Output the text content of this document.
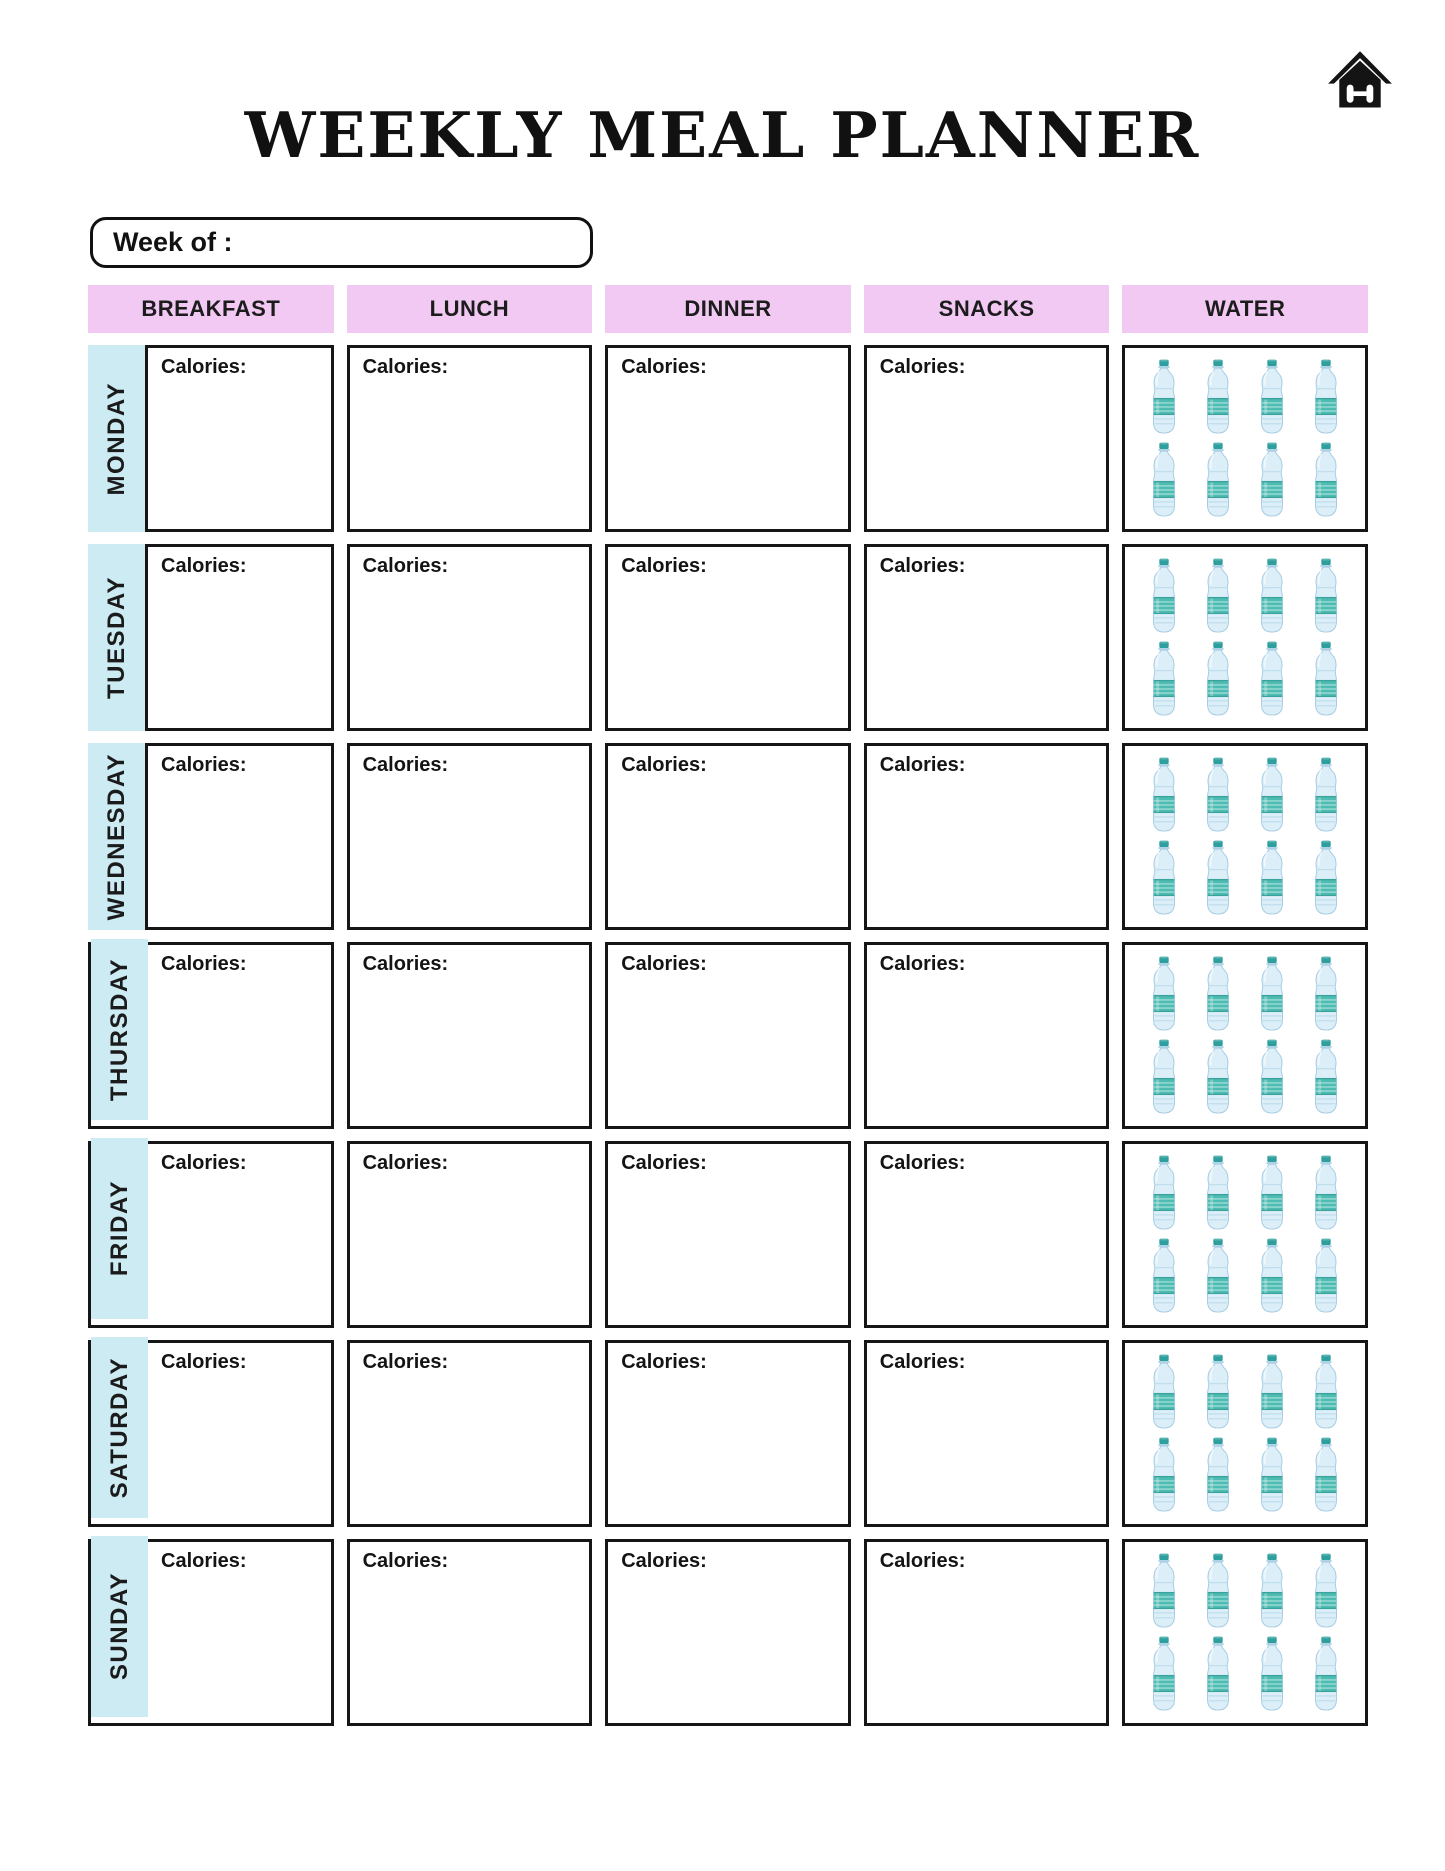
WEEKLY MEAL PLANNER
Week of :
BREAKFAST	LUNCH	DINNER	SNACKS	WATER
MONDAY
Calories:	Calories:	Calories:	Calories:
TUESDAY
Calories:	Calories:	Calories:	Calories:
WEDNESDAY Calories:	Calories:	Calories:	Calories:
THURSDAY Calories:	Calories:	Calories:	Calories:
FRIDAY
Calories:	Calories:	Calories:	Calories:
SATURDAY Calories:	Calories:	Calories:	Calories:
SUNDAY
Calories:	Calories:	Calories:	Calories:
